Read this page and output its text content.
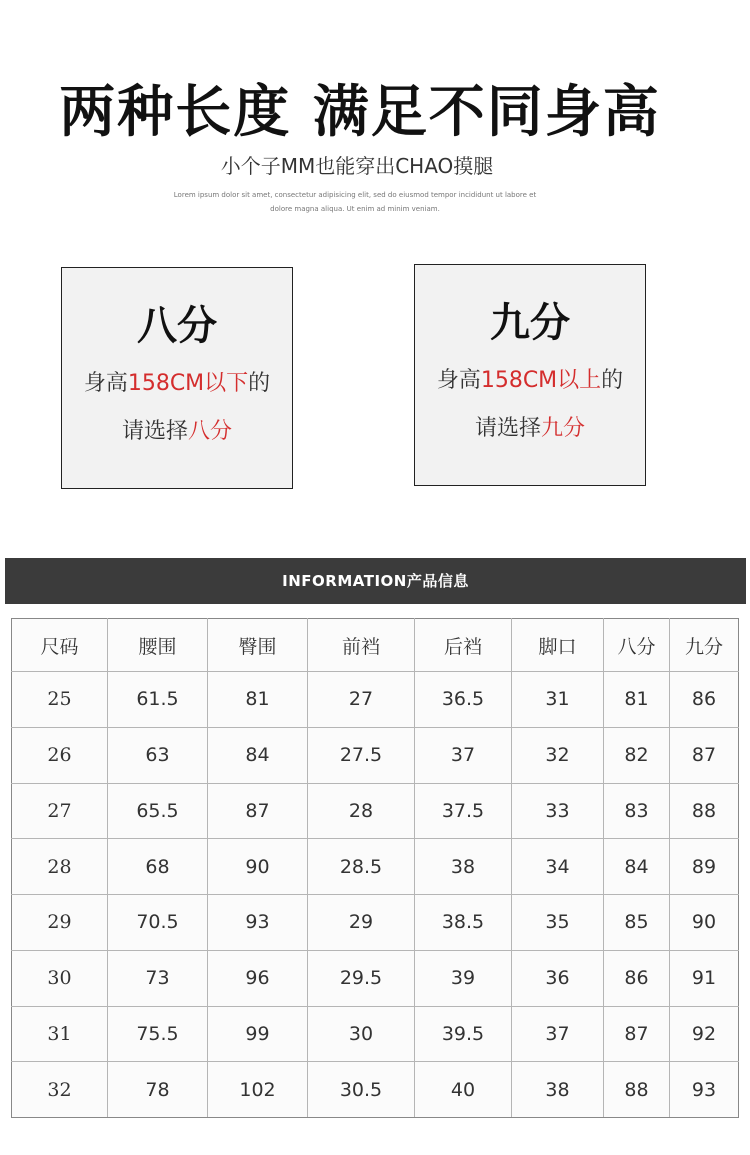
两种长度 满足不同身高
小个子MM也能穿出CHAO摸腿
Lorem ipsum dolor sit amet, consectetur adipisicing elit, sed do eiusmod tempor incididunt ut labore et dolore magna aliqua. Ut enim ad minim veniam.
八分
身高158CM以下的
请选择八分
九分
身高158CM以上的
请选择九分
INFORMATION产品信息
尺码	腰围	臀围	前裆	后裆	脚口	八分	九分
25	61.5	81	27	36.5	31	81	86
26	63	84	27.5	37	32	82	87
27	65.5	87	28	37.5	33	83	88
28	68	90	28.5	38	34	84	89
29	70.5	93	29	38.5	35	85	90
30	73	96	29.5	39	36	86	91
31	75.5	99	30	39.5	37	87	92
32	78	102	30.5	40	38	88	93
